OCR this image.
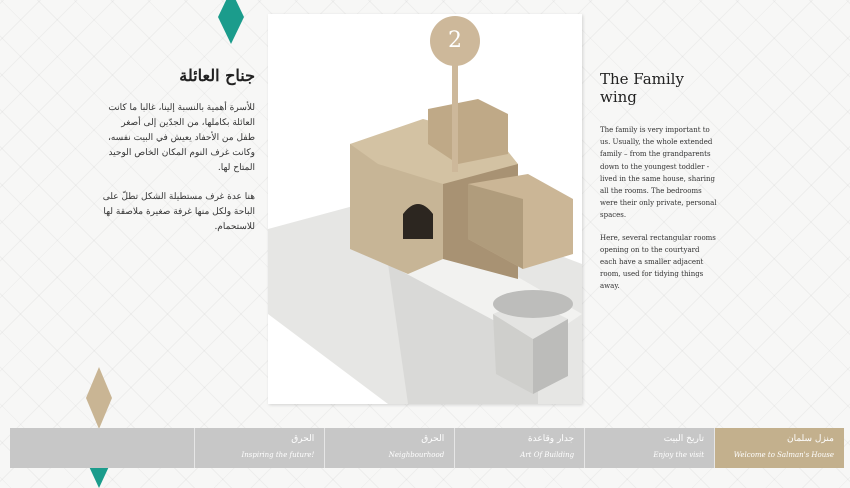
جناح العائلة

للأسرة أهمية بالنسبة إلينا، غالبا ما كانت العائلة بكاملها، من الجدّين إلى أصغر طفل من الأحفاد يعيش في البيت نفسه، وكانت غرف النوم المكان الخاص الوحيد المتاح لها.

هنا عدة غرف مستطيلة الشكل تطلّ على الباحة ولكل منها غرفة صغيرة ملاصقة لها للاستحمام.

2
The Family wing

The family is very important to us. Usually, the whole extended family – from the grandparents down to the youngest toddler - lived in the same house, sharing all the rooms. The bedrooms were their only private, personal spaces.

Here, several rectangular rooms opening on to the courtyard each have a smaller adjacent room, used for tidying things away.

الحرق
Inspiring the future!
الحرق
Neighbourhood
جدار وقاعدة
Art Of Building
تاريخ البيت
Enjoy the visit
منزل سلمان
Welcome to Salman's House
